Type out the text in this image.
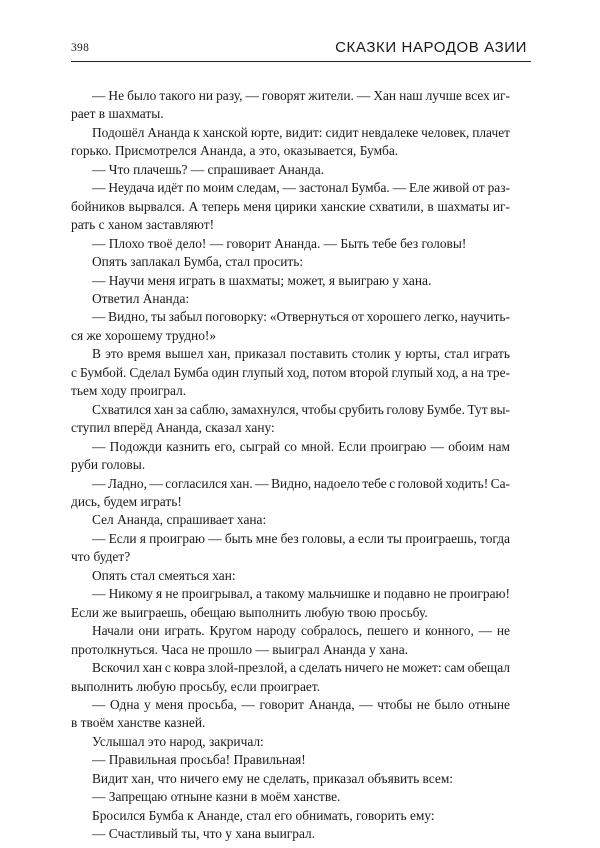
398	СКАЗКИ НАРОДОВ АЗИИ

— Не было такого ни разу, — говорят жители. — Хан наш лучше всех иг-
рает в шахматы.

Подошёл Ананда к ханской юрте, видит: сидит невдалеке человек, плачет
горько. Присмотрелся Ананда, а это, оказывается, Бумба.

— Что плачешь? — спрашивает Ананда.

— Неудача идёт по моим следам, — застонал Бумба. — Еле живой от раз-
бойников вырвался. А теперь меня цирики ханские схватили, в шахматы иг-
рать с ханом заставляют!

— Плохо твоё дело! — говорит Ананда. — Быть тебе без головы!

Опять заплакал Бумба, стал просить:

— Научи меня играть в шахматы; может, я выиграю у хана.

Ответил Ананда:

— Видно, ты забыл поговорку: «Отвернуться от хорошего легко, научить-
ся же хорошему трудно!»

В это время вышел хан, приказал поставить столик у юрты, стал играть
с Бумбой. Сделал Бумба один глупый ход, потом второй глупый ход, а на тре-
тьем ходу проиграл.

Схватился хан за саблю, замахнулся, чтобы срубить голову Бумбе. Тут вы-
ступил вперёд Ананда, сказал хану:

— Подожди казнить его, сыграй со мной. Если проиграю — обоим нам
руби головы.

— Ладно, — согласился хан. — Видно, надоело тебе с головой ходить! Са-
дись, будем играть!

Сел Ананда, спрашивает хана:

— Если я проиграю — быть мне без головы, а если ты проиграешь, тогда
что будет?

Опять стал смеяться хан:

— Никому я не проигрывал, а такому мальчишке и подавно не проиграю!
Если же выиграешь, обещаю выполнить любую твою просьбу.

Начали они играть. Кругом народу собралось, пешего и конного, — не
протолкнуться. Часа не прошло — выиграл Ананда у хана.

Вскочил хан с ковра злой-презлой, а сделать ничего не может: сам обещал
выполнить любую просьбу, если проиграет.

— Одна у меня просьба, — говорит Ананда, — чтобы не было отныне
в твоём ханстве казней.

Услышал это народ, закричал:

— Правильная просьба! Правильная!

Видит хан, что ничего ему не сделать, приказал объявить всем:

— Запрещаю отныне казни в моём ханстве.

Бросился Бумба к Ананде, стал его обнимать, говорить ему:

— Счастливый ты, что у хана выиграл.
